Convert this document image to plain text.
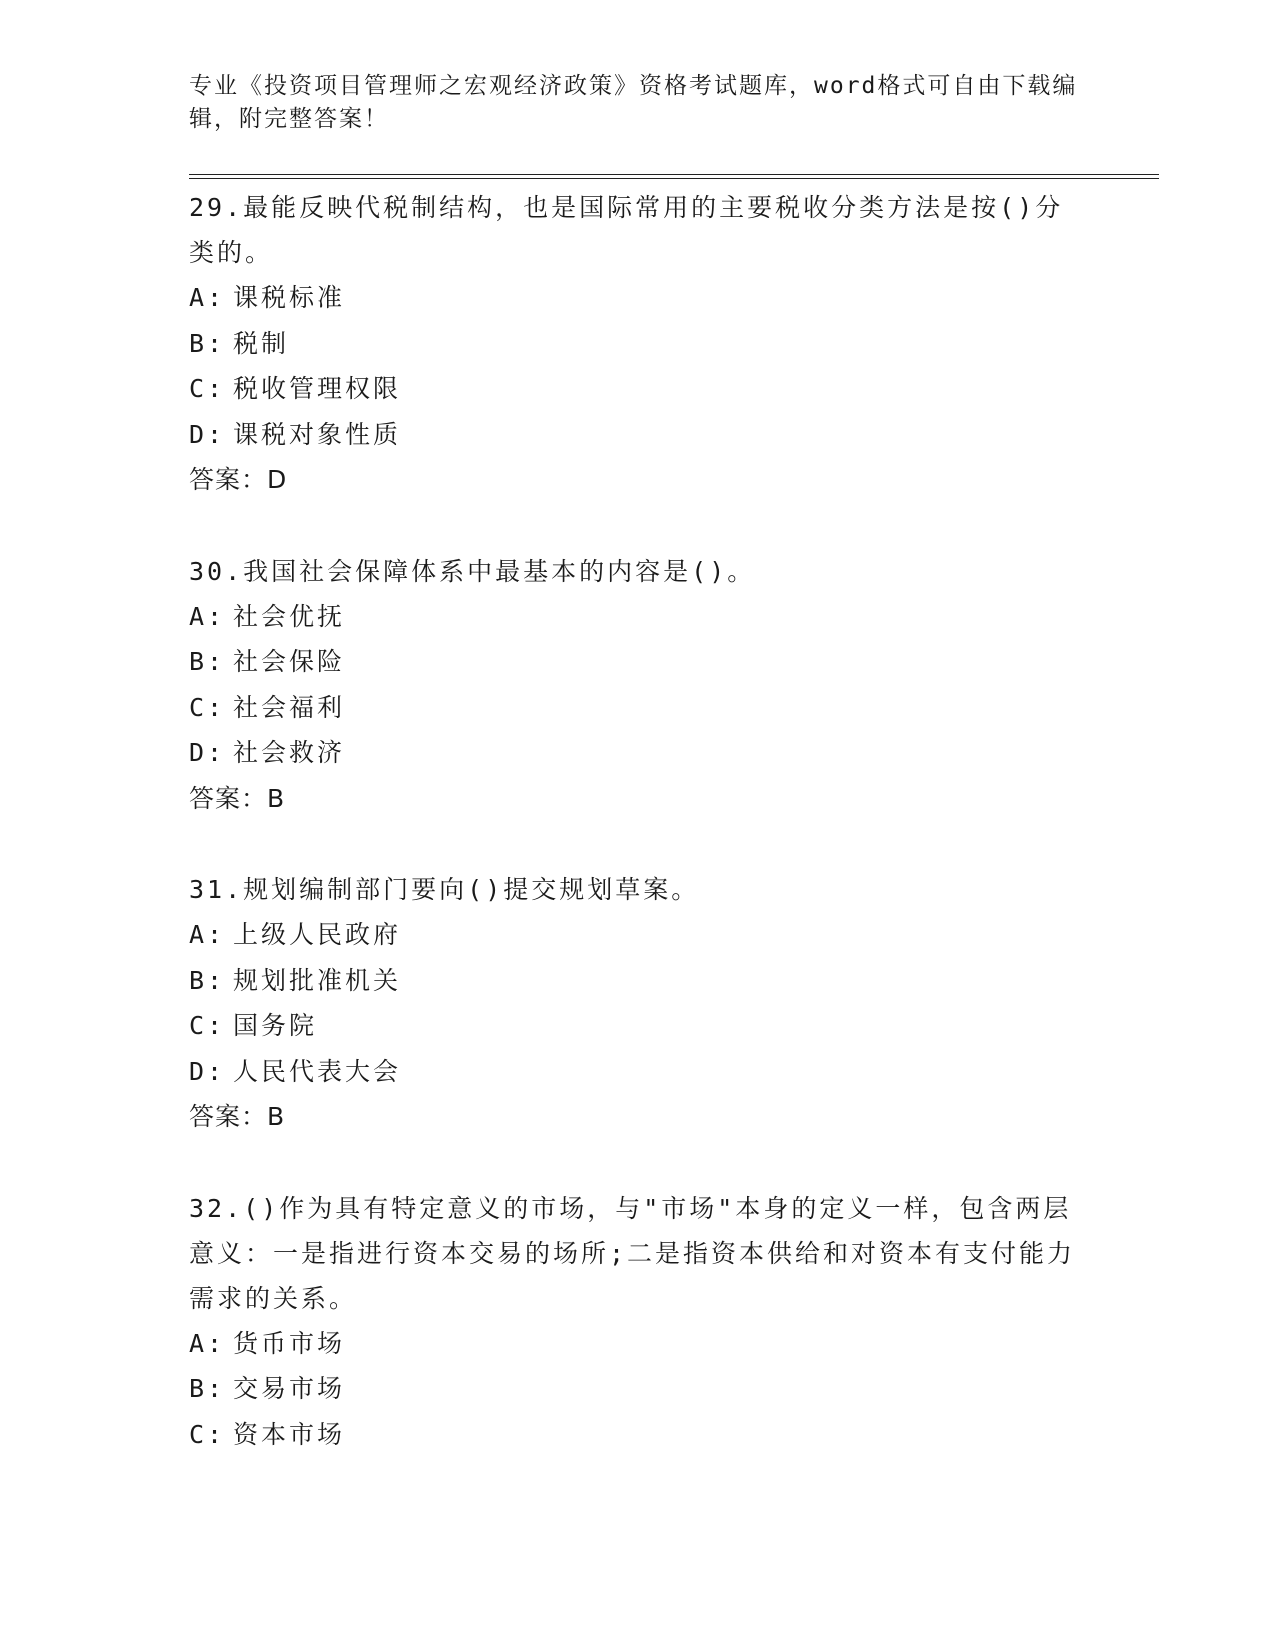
专业《投资项目管理师之宏观经济政策》资格考试题库，word格式可自由下载编辑，附完整答案！

29.最能反映代税制结构，也是国际常用的主要税收分类方法是按()分类的。

A: 课税标准
B: 税制
C: 税收管理权限
D: 课税对象性质
答案：D

30.我国社会保障体系中最基本的内容是()。

A: 社会优抚
B: 社会保险
C: 社会福利
D: 社会救济
答案：B

31.规划编制部门要向()提交规划草案。

A: 上级人民政府
B: 规划批准机关
C: 国务院
D: 人民代表大会
答案：B

32.()作为具有特定意义的市场，与"市场"本身的定义一样，包含两层意义：一是指进行资本交易的场所;二是指资本供给和对资本有支付能力需求的关系。

A: 货币市场
B: 交易市场
C: 资本市场
